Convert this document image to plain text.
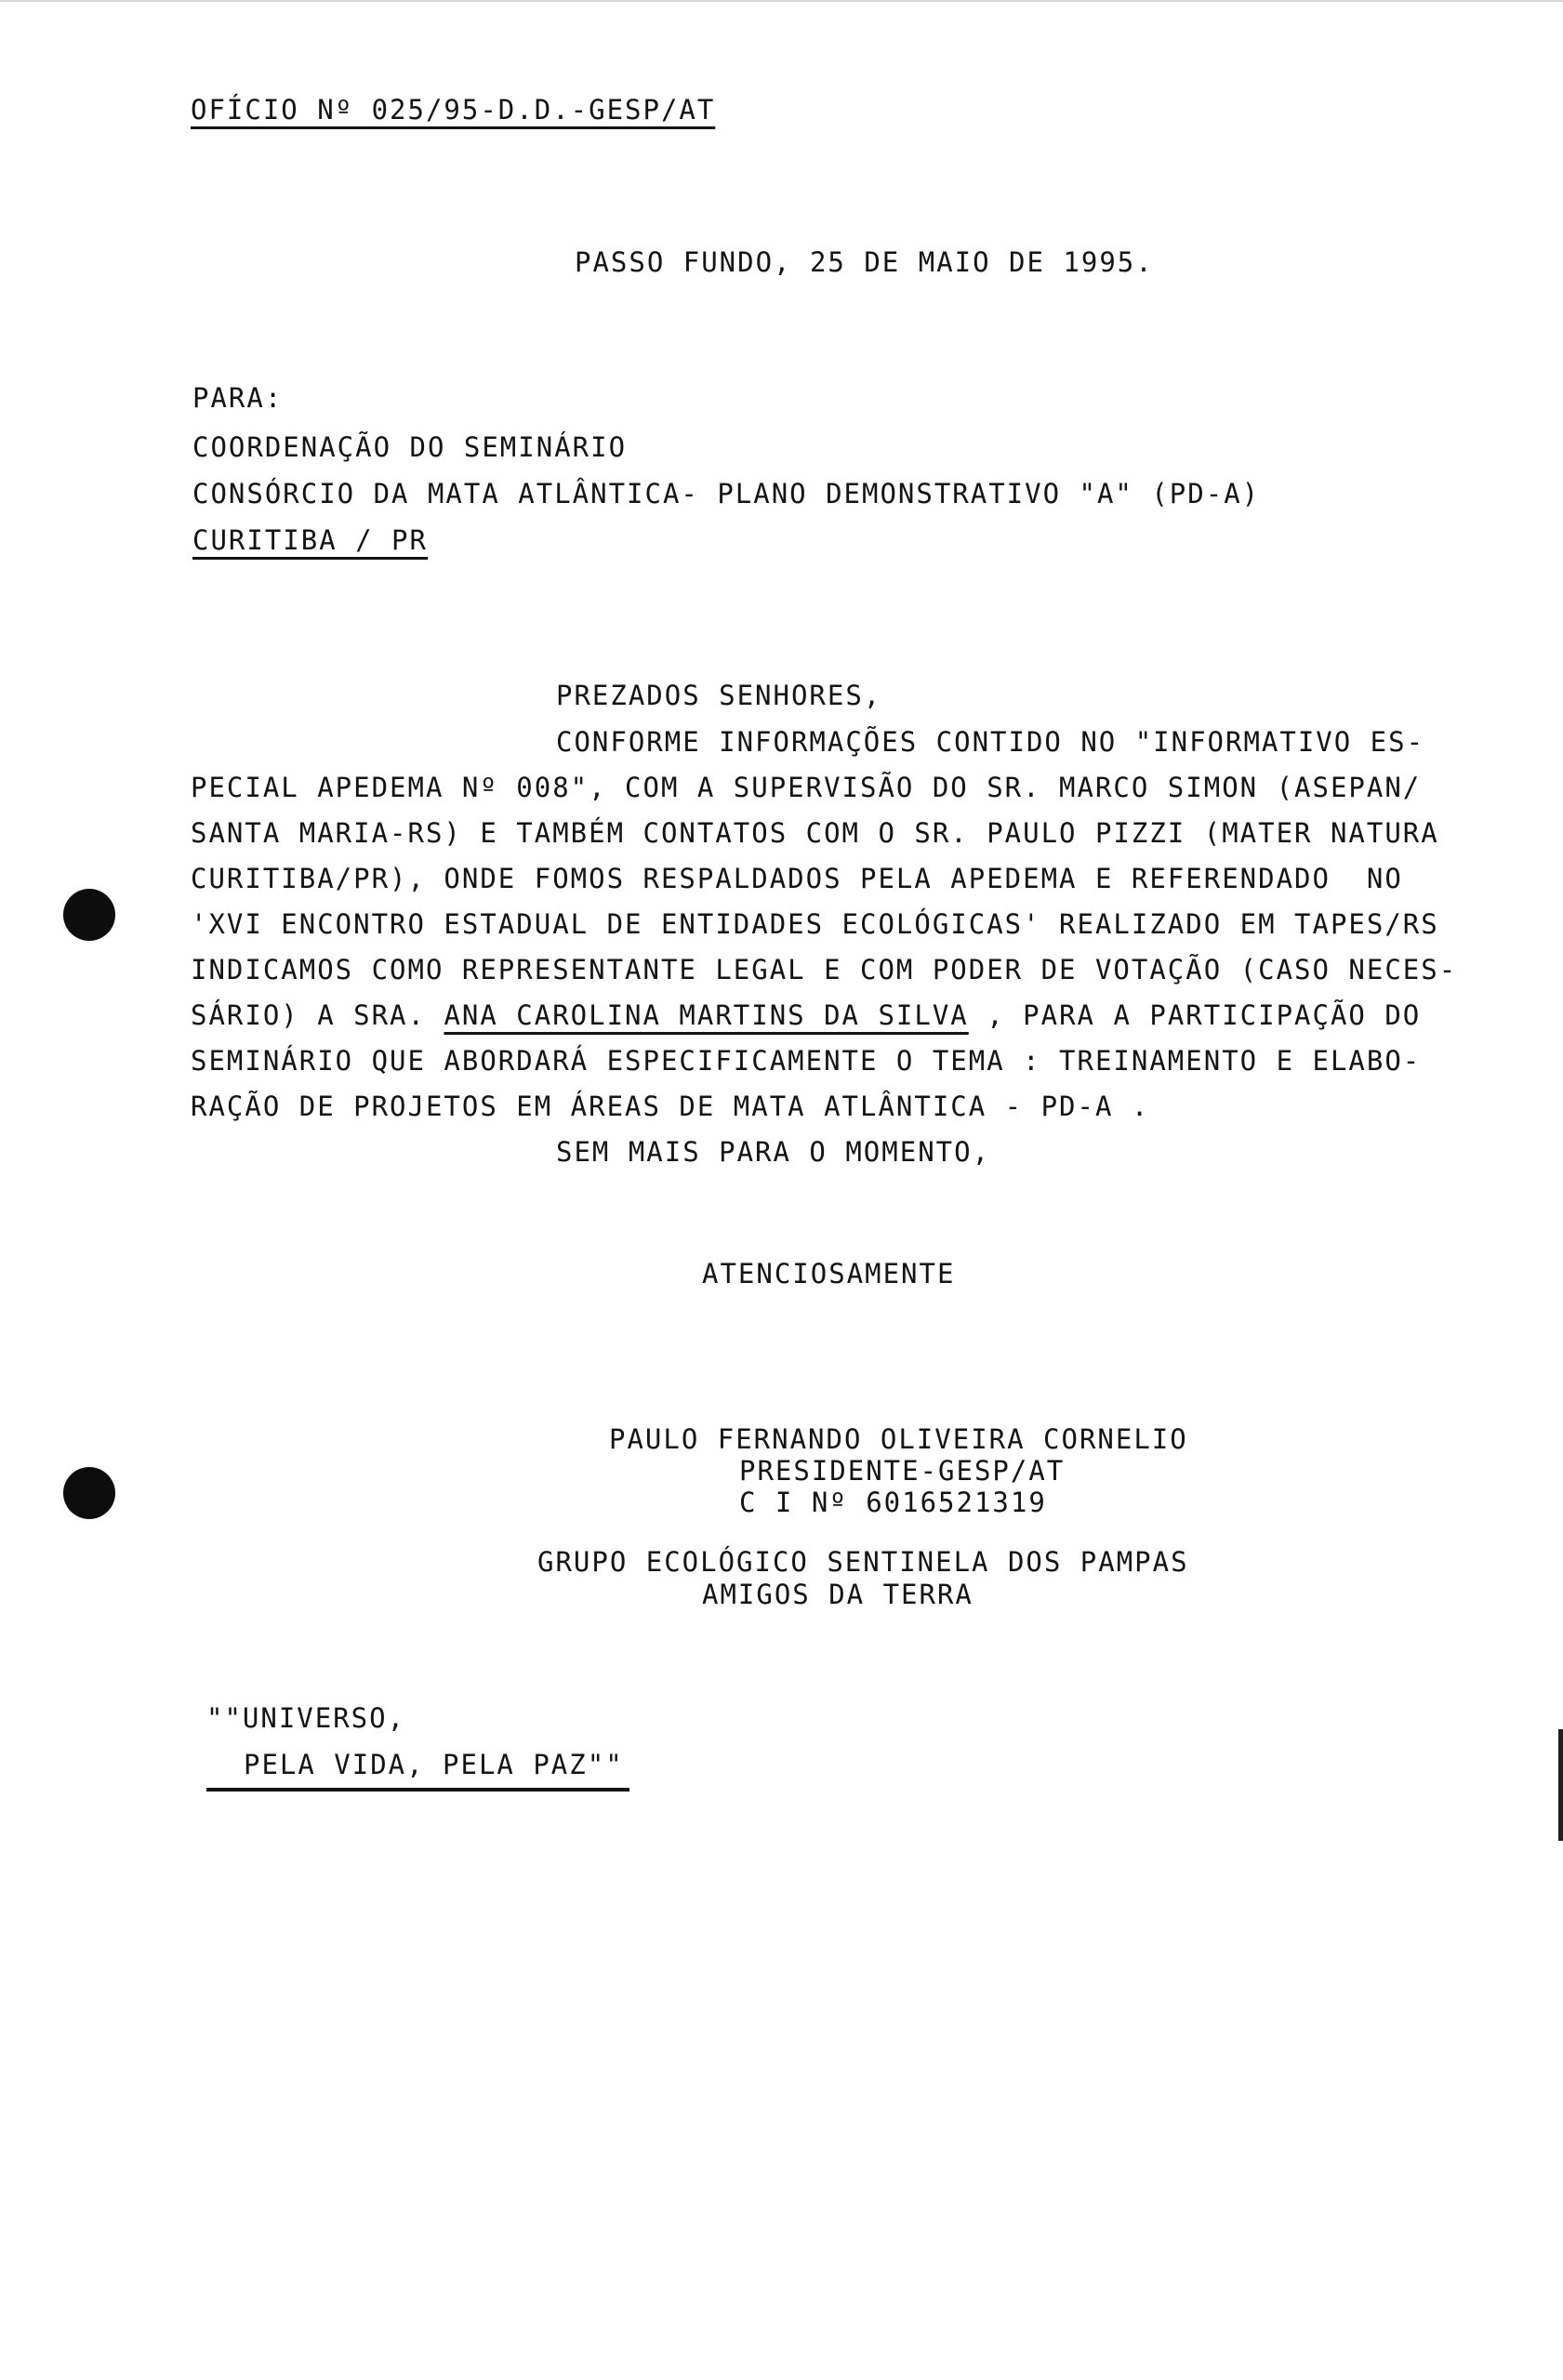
OFÍCIO Nº 025/95-D.D.-GESP/AT
PASSO FUNDO, 25 DE MAIO DE 1995.
PARA:
COORDENAÇÃO DO SEMINÁRIO
CONSÓRCIO DA MATA ATLÂNTICA- PLANO DEMONSTRATIVO "A" (PD-A)
CURITIBA / PR
PREZADOS SENHORES,
CONFORME INFORMAÇÕES CONTIDO NO "INFORMATIVO ES-
PECIAL APEDEMA Nº 008", COM A SUPERVISÃO DO SR. MARCO SIMON (ASEPAN/
SANTA MARIA-RS) E TAMBÉM CONTATOS COM O SR. PAULO PIZZI (MATER NATURA
CURITIBA/PR), ONDE FOMOS RESPALDADOS PELA APEDEMA E REFERENDADO  NO
'XVI ENCONTRO ESTADUAL DE ENTIDADES ECOLÓGICAS' REALIZADO EM TAPES/RS
INDICAMOS COMO REPRESENTANTE LEGAL E COM PODER DE VOTAÇÃO (CASO NECES-
SÁRIO) A SRA. ANA CAROLINA MARTINS DA SILVA , PARA A PARTICIPAÇÃO DO
SEMINÁRIO QUE ABORDARÁ ESPECIFICAMENTE O TEMA : TREINAMENTO E ELABO-
RAÇÃO DE PROJETOS EM ÁREAS DE MATA ATLÂNTICA - PD-A .
SEM MAIS PARA O MOMENTO,
ATENCIOSAMENTE
PAULO FERNANDO OLIVEIRA CORNELIO
PRESIDENTE-GESP/AT
C I Nº 6016521319
GRUPO ECOLÓGICO SENTINELA DOS PAMPAS
AMIGOS DA TERRA
""UNIVERSO,
PELA VIDA, PELA PAZ""
